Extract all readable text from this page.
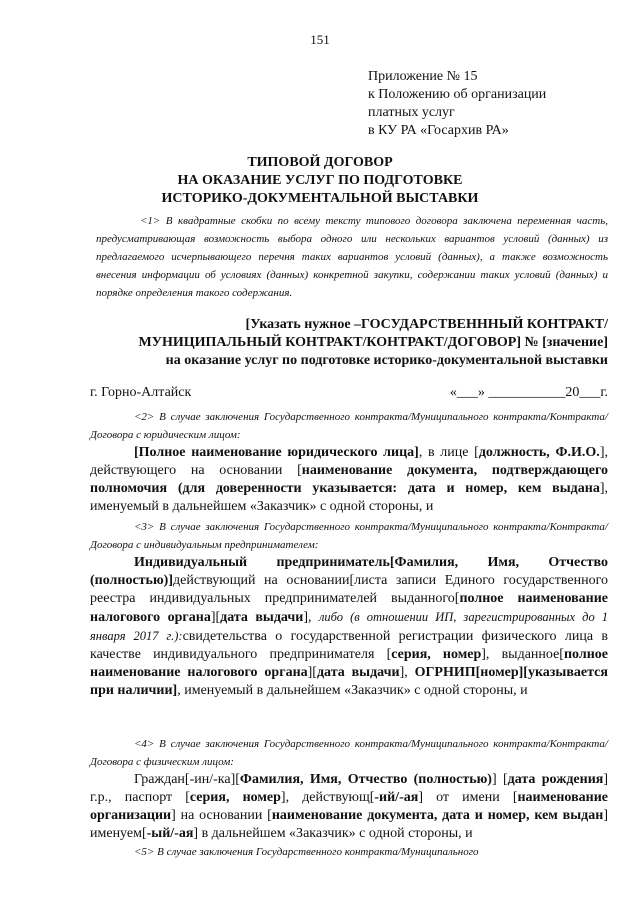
151
Приложение № 15
к Положению об организации
платных услуг
в КУ РА «Госархив РА»
ТИПОВОЙ ДОГОВОР
НА ОКАЗАНИЕ УСЛУГ ПО ПОДГОТОВКЕ
ИСТОРИКО-ДОКУМЕНТАЛЬНОЙ ВЫСТАВКИ
<1> В квадратные скобки по всему тексту типового договора заключена переменная часть, предусматривающая возможность выбора одного или нескольких вариантов условий (данных) из предлагаемого исчерпывающего перечня таких вариантов условий (данных), а также возможность внесения информации об условиях (данных) конкретной закупки, содержании таких условий (данных) и порядке определения такого содержания.
[Указать нужное –ГОСУДАРСТВЕНННЫЙ КОНТРАКТ/
МУНИЦИПАЛЬНЫЙ КОНТРАКТ/КОНТРАКТ/ДОГОВОР] № [значение]
на оказание услуг по подготовке историко-документальной выставки
г. Горно-Алтайск	«___» ___________20___г.

<2> В случае заключения Государственного контракта/Муниципального контракта/Контракта/Договора с юридическим лицом:

[Полное наименование юридического лица], в лице [должность, Ф.И.О.], действующего на основании [наименование документа, подтверждающего полномочия (для доверенности указывается: дата и номер, кем выдана], именуемый в дальнейшем «Заказчик» с одной стороны, и

<3> В случае заключения Государственного контракта/Муниципального контракта/Контракта/Договора с индивидуальным предпринимателем:

Индивидуальный предприниматель[Фамилия, Имя, Отчество (полностью)]действующий на основании[листа записи Единого государственного реестра индивидуальных предпринимателей выданного[полное наименование налогового органа][дата выдачи], либо (в отношении ИП, зарегистрированных до 1 января 2017 г.):свидетельства о государственной регистрации физического лица в качестве индивидуального предпринимателя [серия, номер], выданное[полное наименование налогового органа][дата выдачи], ОГРНИП[номер][указывается при наличии], именуемый в дальнейшем «Заказчик» с одной стороны, и

<4> В случае заключения Государственного контракта/Муниципального контракта/Контракта/Договора с физическим лицом:

Граждан[-ин/-ка][Фамилия, Имя, Отчество (полностью)] [дата рождения] г.р., паспорт [серия, номер], действующ[-ий/-ая] от имени [наименование организации] на основании [наименование документа, дата и номер, кем выдан] именуем[-ый/-ая] в дальнейшем «Заказчик» с одной стороны, и

<5> В случае заключения Государственного контракта/Муниципального
